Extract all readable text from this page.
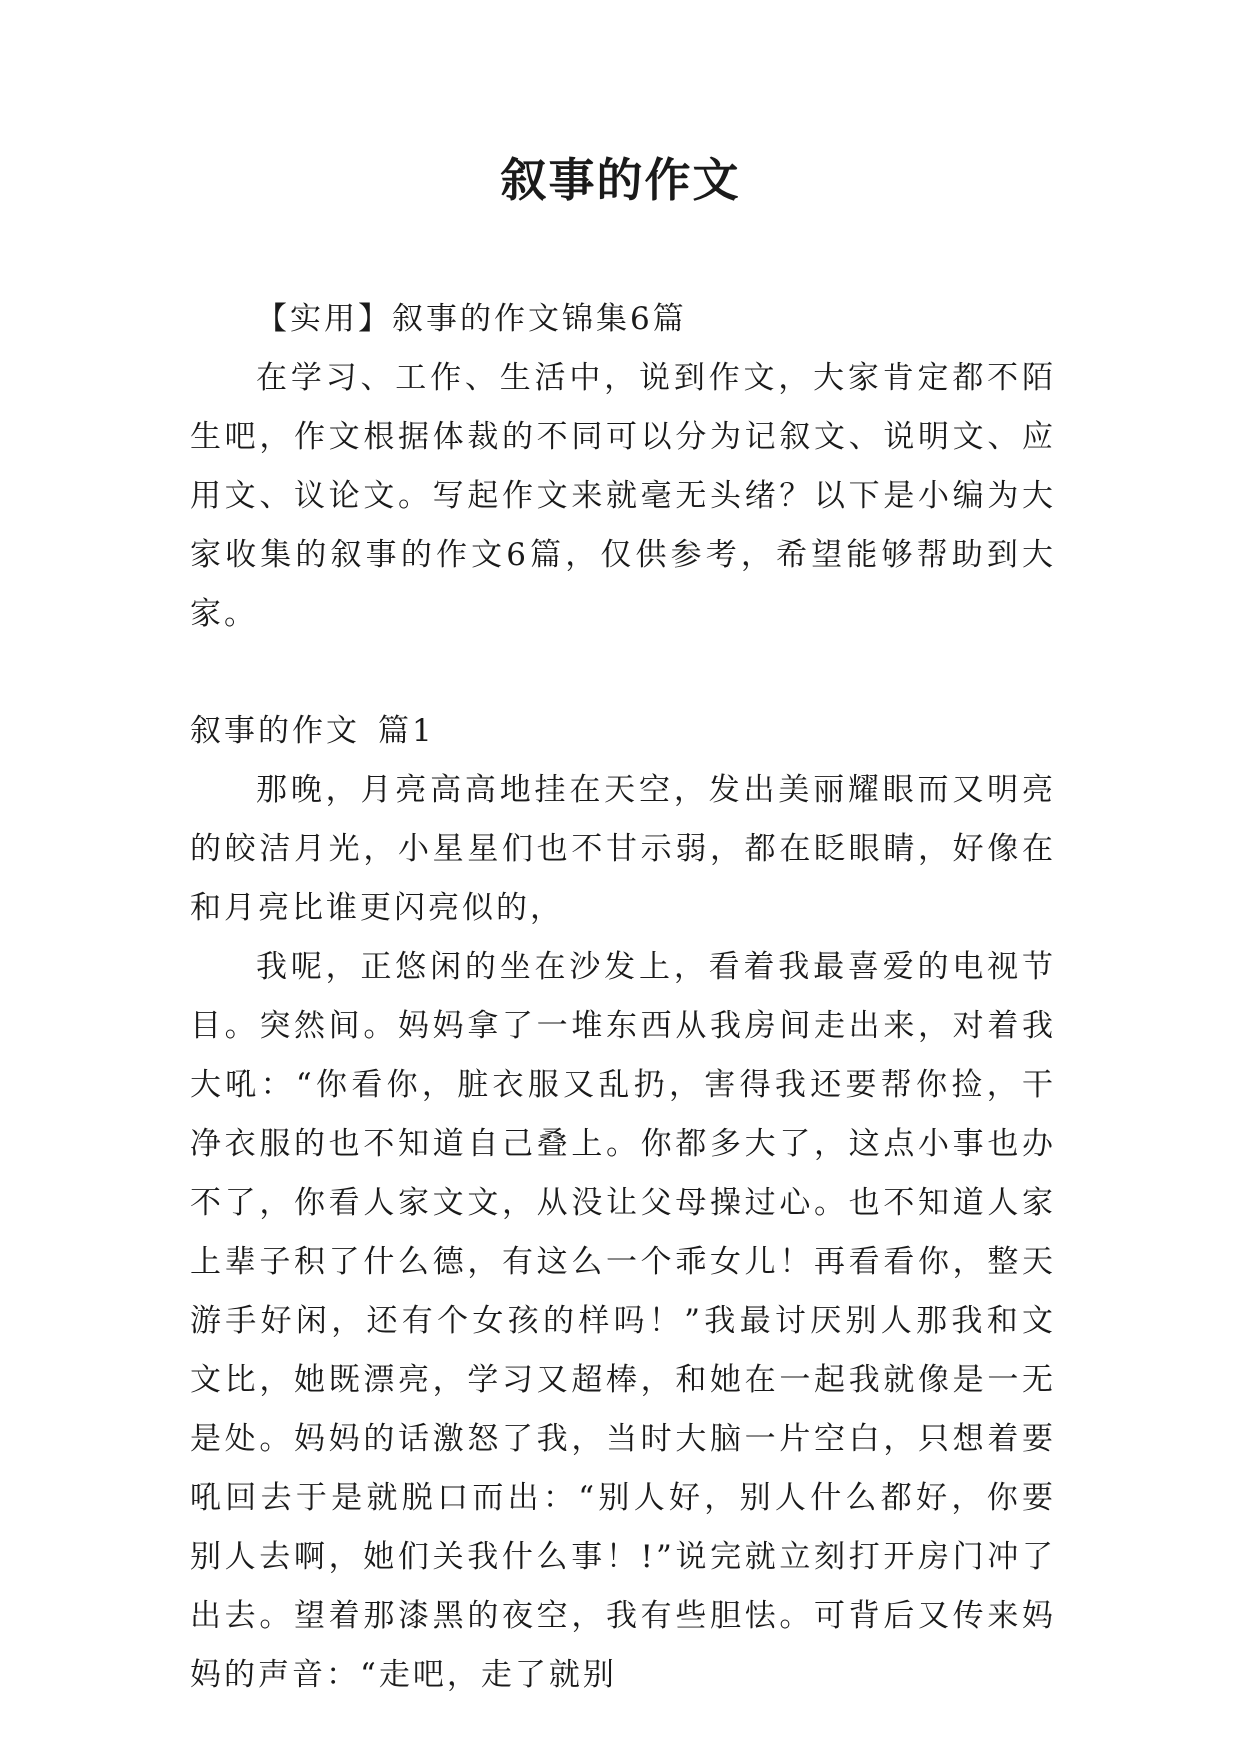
叙事的作文

【实用】叙事的作文锦集6篇

在学习、工作、生活中，说到作文，大家肯定都不陌生吧，作文根据体裁的不同可以分为记叙文、说明文、应用文、议论文。写起作文来就毫无头绪？以下是小编为大家收集的叙事的作文6篇，仅供参考，希望能够帮助到大家。

叙事的作文 篇1

那晚，月亮高高地挂在天空，发出美丽耀眼而又明亮的皎洁月光，小星星们也不甘示弱，都在眨眼睛，好像在和月亮比谁更闪亮似的，

我呢，正悠闲的坐在沙发上，看着我最喜爱的电视节目。突然间。妈妈拿了一堆东西从我房间走出来，对着我大吼：“你看你，脏衣服又乱扔，害得我还要帮你捡，干净衣服的也不知道自己叠上。你都多大了，这点小事也办不了，你看人家文文，从没让父母操过心。也不知道人家上辈子积了什么德，有这么一个乖女儿！再看看你，整天游手好闲，还有个女孩的样吗！”我最讨厌别人那我和文文比，她既漂亮，学习又超棒，和她在一起我就像是一无是处。妈妈的话激怒了我，当时大脑一片空白，只想着要吼回去于是就脱口而出：“别人好，别人什么都好，你要别人去啊，她们关我什么事！!”说完就立刻打开房门冲了出去。望着那漆黑的夜空，我有些胆怯。可背后又传来妈妈的声音：“走吧，走了就别
